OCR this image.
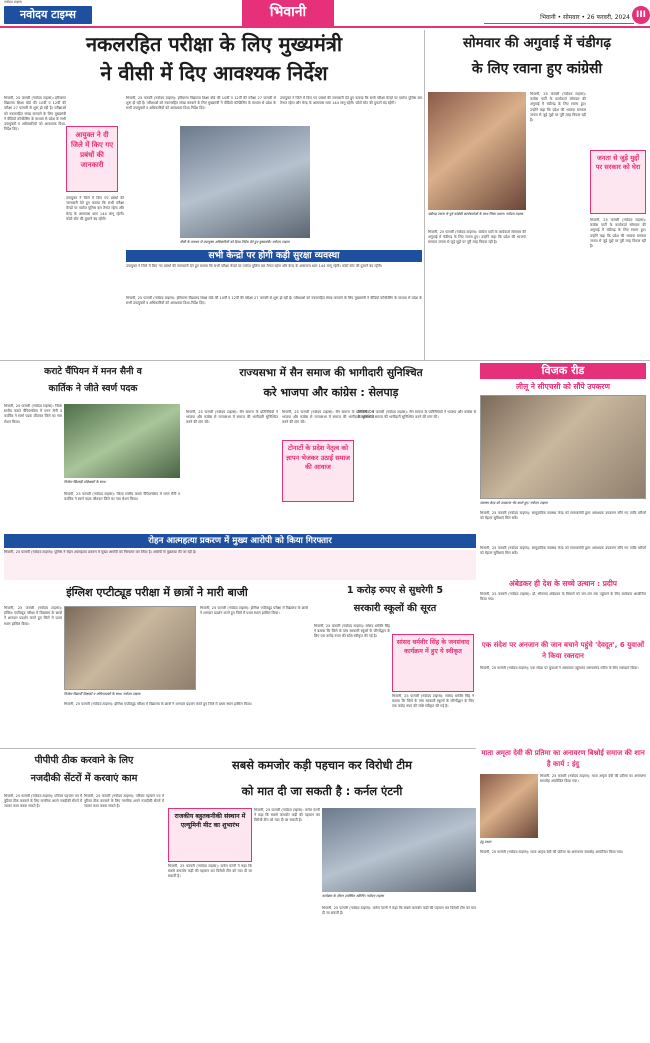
नवोदय टाइम्स
नवोदय टाइम्स	भिवानी	भिवानी • सोमवार • 26 फरवरी, 2024 III
नकलरहित परीक्षा के लिए मुख्यमंत्री
ने वीसी में दिए आवश्यक निर्देश
भिवानी, 25 फरवरी (नवोदय टाइम्स): हरियाणा विद्यालय शिक्षा बोर्ड की 10वीं व 12वीं की परीक्षा 27 फरवरी से शुरू हो रही है। परीक्षाओं को नकलरहित संपन्न करवाने के लिए मुख्यमंत्री ने वीडियो कॉन्फ्रेंसिंग के माध्यम से प्रदेश के सभी उपायुक्तों व अधिकारियों को आवश्यक दिशा-निर्देश दिए।
आयुक्त ने दी जिले में किए गए प्रबंधों की जानकारी
उपायुक्त ने जिले में किए गए प्रबंधों की जानकारी देते हुए बताया कि सभी परीक्षा केन्द्रों पर पर्याप्त पुलिस बल तैनात रहेगा और केन्द्र के आसपास धारा 144 लागू रहेगी। फोटो स्टेट की दुकानें बंद रहेंगी।
भिवानी, 25 फरवरी (नवोदय टाइम्स): हरियाणा विद्यालय शिक्षा बोर्ड की 10वीं व 12वीं की परीक्षा 27 फरवरी से शुरू हो रही है। परीक्षाओं को नकलरहित संपन्न करवाने के लिए मुख्यमंत्री ने वीडियो कॉन्फ्रेंसिंग के माध्यम से प्रदेश के सभी उपायुक्तों व अधिकारियों को आवश्यक दिशा-निर्देश दिए।
उपायुक्त ने जिले में किए गए प्रबंधों की जानकारी देते हुए बताया कि सभी परीक्षा केन्द्रों पर पर्याप्त पुलिस बल तैनात रहेगा और केन्द्र के आसपास धारा 144 लागू रहेगी। फोटो स्टेट की दुकानें बंद रहेंगी।
वीसी के माध्यम से उपायुक्त अधिकारियों को दिशा-निर्देश देते हुए मुख्यमंत्री। नवोदय टाइम्स
सभी केन्द्रों पर होगी कड़ी सुरक्षा व्यवस्था
उपायुक्त ने जिले में किए गए प्रबंधों की जानकारी देते हुए बताया कि सभी परीक्षा केन्द्रों पर पर्याप्त पुलिस बल तैनात रहेगा और केन्द्र के आसपास धारा 144 लागू रहेगी। फोटो स्टेट की दुकानें बंद रहेंगी।
भिवानी, 25 फरवरी (नवोदय टाइम्स): हरियाणा विद्यालय शिक्षा बोर्ड की 10वीं व 12वीं की परीक्षा 27 फरवरी से शुरू हो रही है। परीक्षाओं को नकलरहित संपन्न करवाने के लिए मुख्यमंत्री ने वीडियो कॉन्फ्रेंसिंग के माध्यम से प्रदेश के सभी उपायुक्तों व अधिकारियों को आवश्यक दिशा-निर्देश दिए।
सोमवार की अगुवाई में चंडीगढ़
के लिए रवाना हुए कांग्रेसी
चंडीगढ़ रवाना से पूर्व कांग्रेसी कार्यकर्ताओं के साथ जिला प्रधान। नवोदय टाइम्स
भिवानी, 25 फरवरी (नवोदय टाइम्स): कांग्रेस पार्टी के कार्यकर्ता सोमवार की अगुवाई में चंडीगढ़ के लिए रवाना हुए। उन्होंने कहा कि प्रदेश की भाजपा सरकार जनता से जुड़े मुद्दों पर पूरी तरह विफल रही है।
भिवानी, 25 फरवरी (नवोदय टाइम्स): कांग्रेस पार्टी के कार्यकर्ता सोमवार की अगुवाई में चंडीगढ़ के लिए रवाना हुए। उन्होंने कहा कि प्रदेश की भाजपा सरकार जनता से जुड़े मुद्दों पर पूरी तरह विफल रही है।
जनता से जुड़े मुद्दों पर सरकार को घेरा
भिवानी, 25 फरवरी (नवोदय टाइम्स): कांग्रेस पार्टी के कार्यकर्ता सोमवार की अगुवाई में चंडीगढ़ के लिए रवाना हुए। उन्होंने कहा कि प्रदेश की भाजपा सरकार जनता से जुड़े मुद्दों पर पूरी तरह विफल रही है।
कराटे चैंपियन में मनन सैनी व
कार्तिक ने जीते स्वर्ण पदक
भिवानी, 25 फरवरी (नवोदय टाइम्स): जिला स्तरीय कराटे चैंपियनशिप में मनन सैनी व कार्तिक ने स्वर्ण पदक जीतकर जिले का नाम रोशन किया।
विजेता खिलाड़ी प्रशिक्षकों के साथ।
भिवानी, 25 फरवरी (नवोदय टाइम्स): जिला स्तरीय कराटे चैंपियनशिप में मनन सैनी व कार्तिक ने स्वर्ण पदक जीतकर जिले का नाम रोशन किया।
राज्यसभा में सैन समाज की भागीदारी सुनिश्चित
करे भाजपा और कांग्रेस : सेलपाड़
भिवानी, 25 फरवरी (नवोदय टाइम्स): सैन समाज के प्रतिनिधियों ने भाजपा और कांग्रेस से राज्यसभा में समाज की भागीदारी सुनिश्चित करने की मांग की।
टोनाटों के प्रदेश नेतृत्व को ज्ञापन भेजकर उठाई समाज की आवाज
भिवानी, 25 फरवरी (नवोदय टाइम्स): सैन समाज के प्रतिनिधियों ने भाजपा और कांग्रेस से राज्यसभा में समाज की भागीदारी सुनिश्चित करने की मांग की।
भिवानी, 25 फरवरी (नवोदय टाइम्स): सैन समाज के प्रतिनिधियों ने भाजपा और कांग्रेस से राज्यसभा में समाज की भागीदारी सुनिश्चित करने की मांग की।
विजक रीड
लीलू ने सीएचसी को सौंपे उपकरण
स्वास्थ्य केन्द्र को उपकरण भेंट करते हुए। नवोदय टाइम्स
भिवानी, 25 फरवरी (नवोदय टाइम्स): सामुदायिक स्वास्थ्य केन्द्र को समाजसेवी द्वारा आवश्यक उपकरण सौंपे गए ताकि मरीजों को बेहतर सुविधाएं मिल सकें।
रोहन आत्महत्या प्रकरण में मुख्य आरोपी को किया गिरफ्तार
भिवानी, 25 फरवरी (नवोदय टाइम्स): पुलिस ने रोहन आत्महत्या प्रकरण में मुख्य आरोपी को गिरफ्तार कर लिया है। आरोपी से पूछताछ की जा रही है।
इंग्लिश एप्टीट्यूड परीक्षा में छात्रों ने मारी बाजी
भिवानी, 25 फरवरी (नवोदय टाइम्स): इंग्लिश एप्टीट्यूड परीक्षा में विद्यालय के छात्रों ने शानदार प्रदर्शन करते हुए जिले में प्रथम स्थान हासिल किया।
विजेता विद्यार्थी शिक्षकों व अभिभावकों के साथ। नवोदय टाइम्स
भिवानी, 25 फरवरी (नवोदय टाइम्स): इंग्लिश एप्टीट्यूड परीक्षा में विद्यालय के छात्रों ने शानदार प्रदर्शन करते हुए जिले में प्रथम स्थान हासिल किया।
भिवानी, 25 फरवरी (नवोदय टाइम्स): इंग्लिश एप्टीट्यूड परीक्षा में विद्यालय के छात्रों ने शानदार प्रदर्शन करते हुए जिले में प्रथम स्थान हासिल किया।
1 करोड़ रुपए से सुधरेगी 5
सरकारी स्कूलों की सूरत
भिवानी, 25 फरवरी (नवोदय टाइम्स): सांसद धर्मवीर सिंह ने बताया कि जिले के पांच सरकारी स्कूलों के जीर्णोद्धार के लिए एक करोड़ रुपए की राशि स्वीकृत की गई है।
सांसद धर्मवीर सिंह के जनसंवाद कार्यक्रम में हुए ये स्वीकृत
भिवानी, 25 फरवरी (नवोदय टाइम्स): सांसद धर्मवीर सिंह ने बताया कि जिले के पांच सरकारी स्कूलों के जीर्णोद्धार के लिए एक करोड़ रुपए की राशि स्वीकृत की गई है।
भिवानी, 25 फरवरी (नवोदय टाइम्स): सामुदायिक स्वास्थ्य केन्द्र को समाजसेवी द्वारा आवश्यक उपकरण सौंपे गए ताकि मरीजों को बेहतर सुविधाएं मिल सकें।
अंबेडकर ही देश के सच्चे उत्थान : प्रदीप
भिवानी, 25 फरवरी (नवोदय टाइम्स): डॉ. भीमराव अंबेडकर के विचारों को जन-जन तक पहुंचाने के लिए कार्यक्रम आयोजित किया गया।
एक संदेश पर अनजान की जान बचाने पहुंचे 'देवदूत', 6 युवाओं ने किया रक्तदान
भिवानी, 25 फरवरी (नवोदय टाइम्स): एक संदेश पर युवाओं ने अस्पताल पहुंचकर जरूरतमंद मरीज के लिए रक्तदान किया।
माता अमृता देवी की प्रतिमा का अनावरण बिश्नोई समाज की शान है कार्य : इंदु
इंदु प्रधान
भिवानी, 25 फरवरी (नवोदय टाइम्स): माता अमृता देवी की प्रतिमा का अनावरण समारोह आयोजित किया गया।
भिवानी, 25 फरवरी (नवोदय टाइम्स): माता अमृता देवी की प्रतिमा का अनावरण समारोह आयोजित किया गया।
पीपीपी ठीक करवाने के लिए
नजदीकी सेंटरों में करवाएं काम
भिवानी, 25 फरवरी (नवोदय टाइम्स): परिवार पहचान पत्र में त्रुटियां ठीक करवाने के लिए नागरिक अपने नजदीकी सेंटरों में जाकर काम करवा सकते हैं।
भिवानी, 25 फरवरी (नवोदय टाइम्स): परिवार पहचान पत्र में त्रुटियां ठीक करवाने के लिए नागरिक अपने नजदीकी सेंटरों में जाकर काम करवा सकते हैं।
सबसे कमजोर कड़ी पहचान कर विरोधी टीम
को मात दी जा सकती है : कर्नल एंटनी
राजकीय बहुतकनीकी संस्थान में एल्यूमिनी मीट का शुभारंभ
भिवानी, 25 फरवरी (नवोदय टाइम्स): कर्नल एंटनी ने कहा कि सबसे कमजोर कड़ी की पहचान कर विरोधी टीम को मात दी जा सकती है।
भिवानी, 25 फरवरी (नवोदय टाइम्स): कर्नल एंटनी ने कहा कि सबसे कमजोर कड़ी की पहचान कर विरोधी टीम को मात दी जा सकती है।
कार्यक्रम के दौरान उपस्थित अतिथि। नवोदय टाइम्स
भिवानी, 25 फरवरी (नवोदय टाइम्स): कर्नल एंटनी ने कहा कि सबसे कमजोर कड़ी की पहचान कर विरोधी टीम को मात दी जा सकती है।
